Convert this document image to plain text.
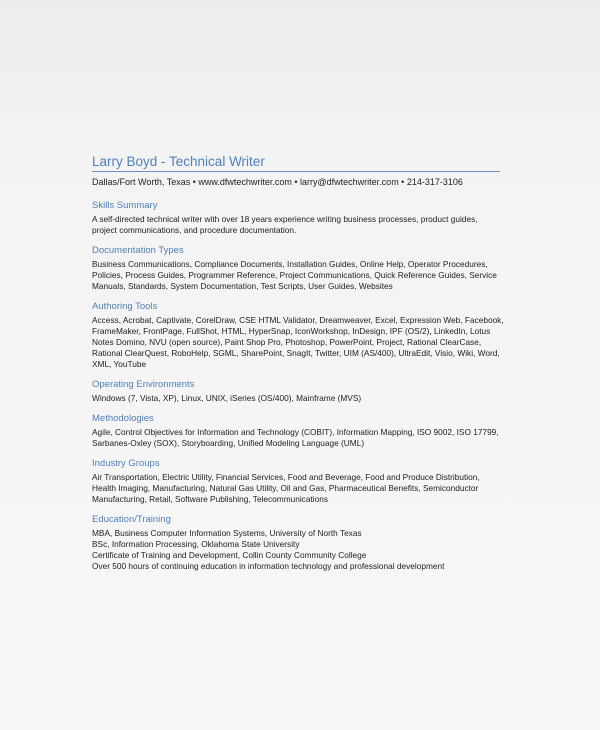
Larry Boyd - Technical Writer
Dallas/Fort Worth, Texas • www.dfwtechwriter.com • larry@dfwtechwriter.com • 214-317-3106
Skills Summary
A self-directed technical writer with over 18 years experience writing business processes, product guides, project communications, and procedure documentation.
Documentation Types
Business Communications, Compliance Documents, Installation Guides, Online Help, Operator Procedures, Policies, Process Guides, Programmer Reference, Project Communications, Quick Reference Guides, Service Manuals, Standards, System Documentation, Test Scripts, User Guides, Websites
Authoring Tools
Access, Acrobat, Captivate, CorelDraw, CSE HTML Validator, Dreamweaver, Excel, Expression Web, Facebook, FrameMaker, FrontPage, FullShot, HTML, HyperSnap, IconWorkshop, InDesign, IPF (OS/2), LinkedIn, Lotus Notes Domino, NVU (open source), Paint Shop Pro, Photoshop, PowerPoint, Project, Rational ClearCase, Rational ClearQuest, RoboHelp, SGML, SharePoint, SnagIt, Twitter, UIM (AS/400), UltraEdit, Visio, Wiki, Word, XML, YouTube
Operating Environments
Windows (7, Vista, XP), Linux, UNIX, iSeries (OS/400), Mainframe (MVS)
Methodologies
Agile, Control Objectives for Information and Technology (COBIT), Information Mapping, ISO 9002, ISO 17799, Sarbanes-Oxley (SOX), Storyboarding, Unified Modeling Language (UML)
Industry Groups
Air Transportation, Electric Utility, Financial Services, Food and Beverage, Food and Produce Distribution, Health Imaging, Manufacturing, Natural Gas Utility, Oil and Gas, Pharmaceutical Benefits, Semiconductor Manufacturing, Retail, Software Publishing, Telecommunications
Education/Training
MBA, Business Computer Information Systems, University of North Texas
BSc, Information Processing, Oklahoma State University
Certificate of Training and Development, Collin County Community College
Over 500 hours of continuing education in information technology and professional development
